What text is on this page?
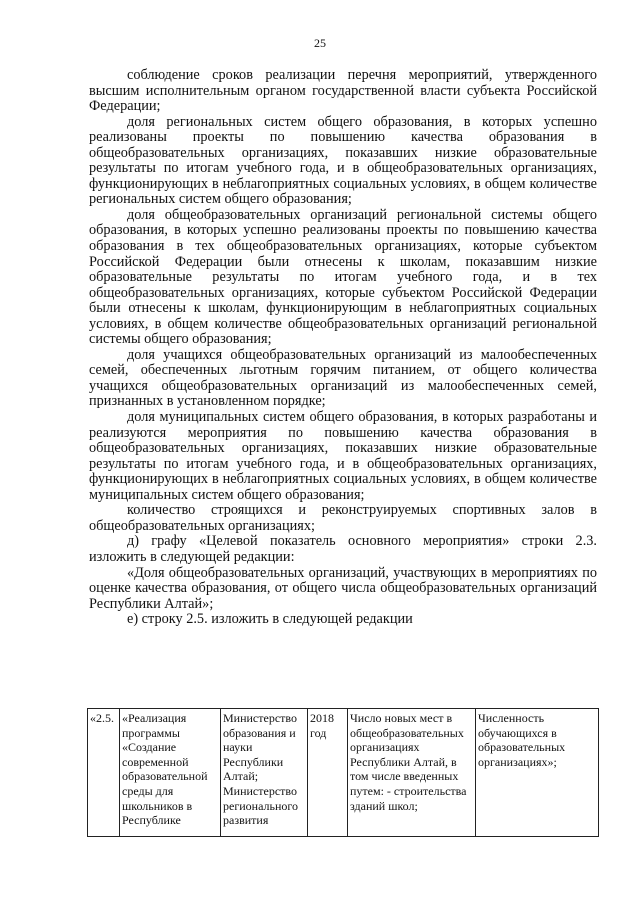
25

соблюдение сроков реализации перечня мероприятий, утвержденного высшим исполнительным органом государственной власти субъекта Российской Федерации;

доля региональных систем общего образования, в которых успешно реализованы проекты по повышению качества образования в общеобразовательных организациях, показавших низкие образовательные результаты по итогам учебного года, и в общеобразовательных организациях, функционирующих в неблагоприятных социальных условиях, в общем количестве региональных систем общего образования;

доля общеобразовательных организаций региональной системы общего образования, в которых успешно реализованы проекты по повышению качества образования в тех общеобразовательных организациях, которые субъектом Российской Федерации были отнесены к школам, показавшим низкие образовательные результаты по итогам учебного года, и в тех общеобразовательных организациях, которые субъектом Российской Федерации были отнесены к школам, функционирующим в неблагоприятных социальных условиях, в общем количестве общеобразовательных организаций региональной системы общего образования;

доля учащихся общеобразовательных организаций из малообеспеченных семей, обеспеченных льготным горячим питанием, от общего количества учащихся общеобразовательных организаций из малообеспеченных семей, признанных в установленном порядке;

доля муниципальных систем общего образования, в которых разработаны и реализуются мероприятия по повышению качества образования в общеобразовательных организациях, показавших низкие образовательные результаты по итогам учебного года, и в общеобразовательных организациях, функционирующих в неблагоприятных социальных условиях, в общем количестве муниципальных систем общего образования;

количество строящихся и реконструируемых спортивных залов в общеобразовательных организациях;

д) графу «Целевой показатель основного мероприятия» строки 2.3. изложить в следующей редакции:

«Доля общеобразовательных организаций, участвующих в мероприятиях по оценке качества образования, от общего числа общеобразовательных организаций Республики Алтай»;

е) строку 2.5. изложить в следующей редакции

«2.5.	«Реализация программы «Создание современной образовательной среды для школьников в Республике	Министерство образования и науки Республики Алтай; Министерство регионального развития	2018 год	Число новых мест в общеобразовательных организациях Республики Алтай, в том числе введенных путем: - строительства зданий школ;	Численность обучающихся в образовательных организациях»;
